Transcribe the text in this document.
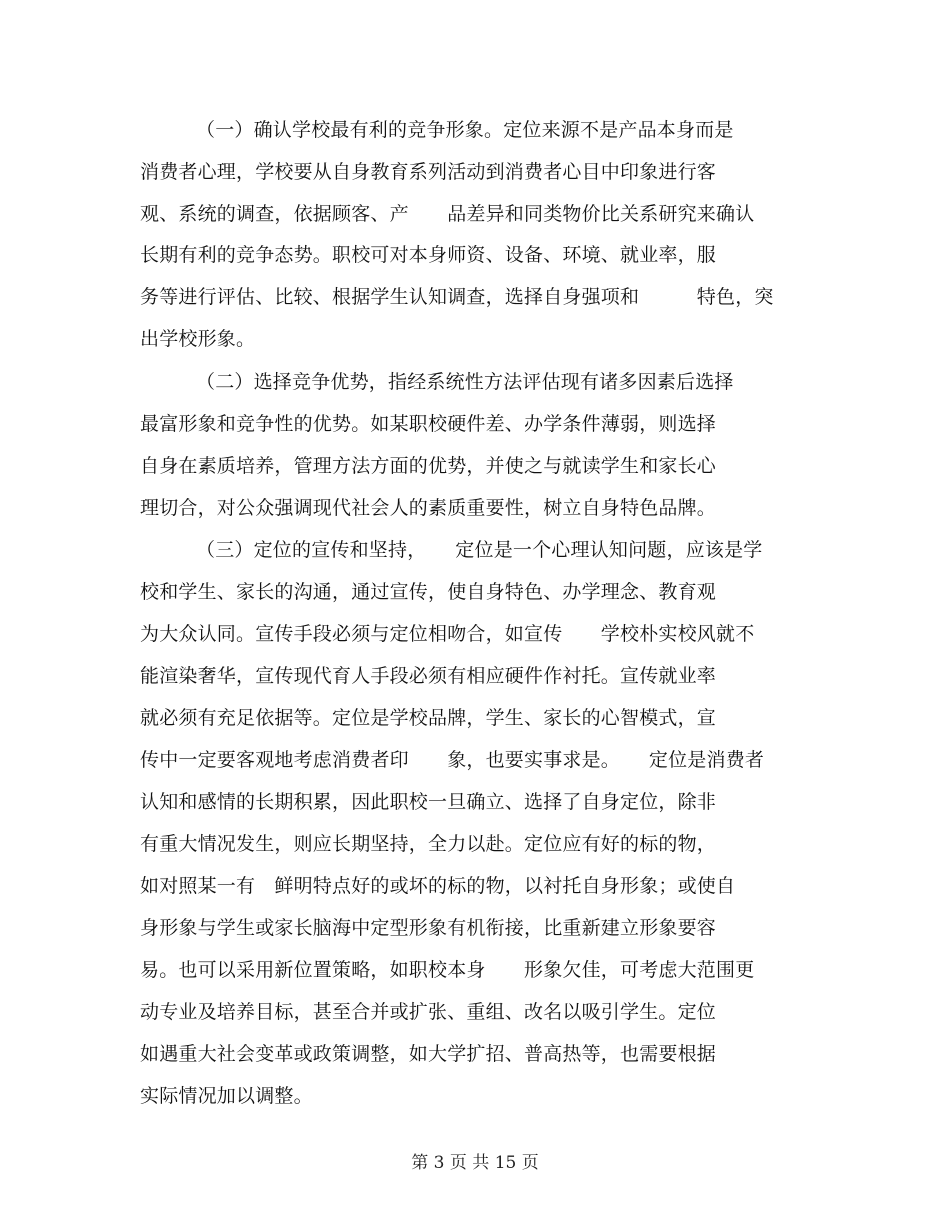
（一）确认学校最有利的竞争形象。定位来源不是产品本身而是
消费者心理，学校要从自身教育系列活动到消费者心目中印象进行客
观、系统的调查，依据顾客、产　　品差异和同类物价比关系研究来确认
长期有利的竞争态势。职校可对本身师资、设备、环境、就业率，服
务等进行评估、比较、根据学生认知调查，选择自身强项和　　　特色，突
出学校形象。
（二）选择竞争优势，指经系统性方法评估现有诸多因素后选择
最富形象和竞争性的优势。如某职校硬件差、办学条件薄弱，则选择
自身在素质培养，管理方法方面的优势，并使之与就读学生和家长心
理切合，对公众强调现代社会人的素质重要性，树立自身特色品牌。
（三）定位的宣传和坚持，　　定位是一个心理认知问题，应该是学
校和学生、家长的沟通，通过宣传，使自身特色、办学理念、教育观
为大众认同。宣传手段必须与定位相吻合，如宣传　　学校朴实校风就不
能渲染奢华，宣传现代育人手段必须有相应硬件作衬托。宣传就业率
就必须有充足依据等。定位是学校品牌，学生、家长的心智模式，宣
传中一定要客观地考虑消费者印　　象，也要实事求是。　　定位是消费者
认知和感情的长期积累，因此职校一旦确立、选择了自身定位，除非
有重大情况发生，则应长期坚持，全力以赴。定位应有好的标的物，
如对照某一有　鲜明特点好的或坏的标的物，以衬托自身形象；或使自
身形象与学生或家长脑海中定型形象有机衔接，比重新建立形象要容
易。也可以采用新位置策略，如职校本身　　形象欠佳，可考虑大范围更
动专业及培养目标，甚至合并或扩张、重组、改名以吸引学生。定位
如遇重大社会变革或政策调整，如大学扩招、普高热等，也需要根据
实际情况加以调整。
第 3 页 共 15 页
